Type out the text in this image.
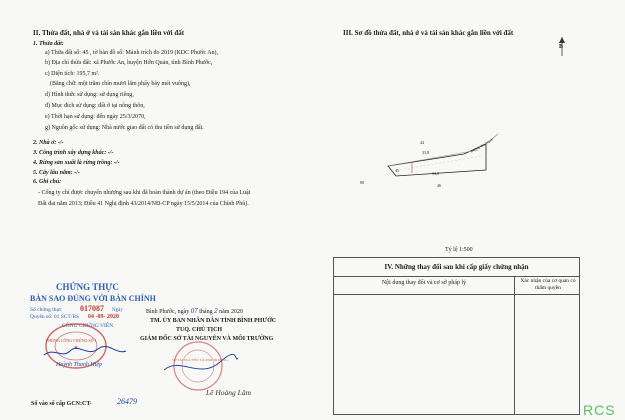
II. Thửa đất, nhà ở và tài sản khác gắn liền với đất
1. Thửa đất:
a) Thửa đất số: 45 , tờ bản đồ số: Mảnh trích đo 2019 (KDC Phước An),
b) Địa chỉ thửa đất: xã Phước An, huyện Hớn Quản, tỉnh Bình Phước,
c) Diện tích: 195,7 m².
(Bằng chữ: một trăm chín mươi lăm phẩy bảy mét vuông),
d) Hình thức sử dụng: sử dụng riêng,
đ) Mục đích sử dụng: đất ở tại nông thôn,
e) Thời hạn sử dụng: đến ngày 25/3/2070,
g) Nguồn gốc sử dụng: Nhà nước giao đất có thu tiền sử dụng đất.
2. Nhà ở: -/-
3. Công trình xây dựng khác: -/-
4. Rừng sản xuất là rừng trồng: -/-
5. Cây lâu năm: -/-
6. Ghi chú:
- Công ty chỉ được chuyển nhượng sau khi đã hoàn thành dự án (theo Điều 194 của Luật
Đất đai năm 2013; Điều 41 Nghị định 43/2014/NĐ-CP ngày 15/5/2014 của Chính Phủ).
CHỨNG THỰC
BẢN SAO ĐÚNG VỚI BẢN CHÍNH
Số chứng thực 017087
Quyển số: 01 SCT/BS
Ngày
04 -09- 2020
CÔNG CHỨNG VIÊN
★
PHÒNG CÔNG CHỨNG SỐ 1
Huỳnh Thanh Hiệp
Số vào sổ cấp GCN:CT-	26479
III. Sơ đồ thửa đất, nhà ở và tài sản khác gắn liền với đất
B
44
33,8
33,3
46
80
Đường quy hoạch
45
Tỷ lệ 1:500
IV. Những thay đổi sau khi cấp giấy chứng nhận
Nội dung thay đổi và cơ sở pháp lý	Xác nhận của cơ quan có thẩm quyền
Bình Phước, ngày 07 tháng 2 năm 2020
TM. ỦY BAN NHÂN DÂN TỈNH BÌNH PHƯỚC
TUQ. CHỦ TỊCH
GIÁM ĐỐC SỞ TÀI NGUYÊN VÀ MÔI TRƯỜNG
SỞ TÀI NGUYÊN VÀ MÔI TRƯỜNG
Lê Hoàng Lâm
RCS
